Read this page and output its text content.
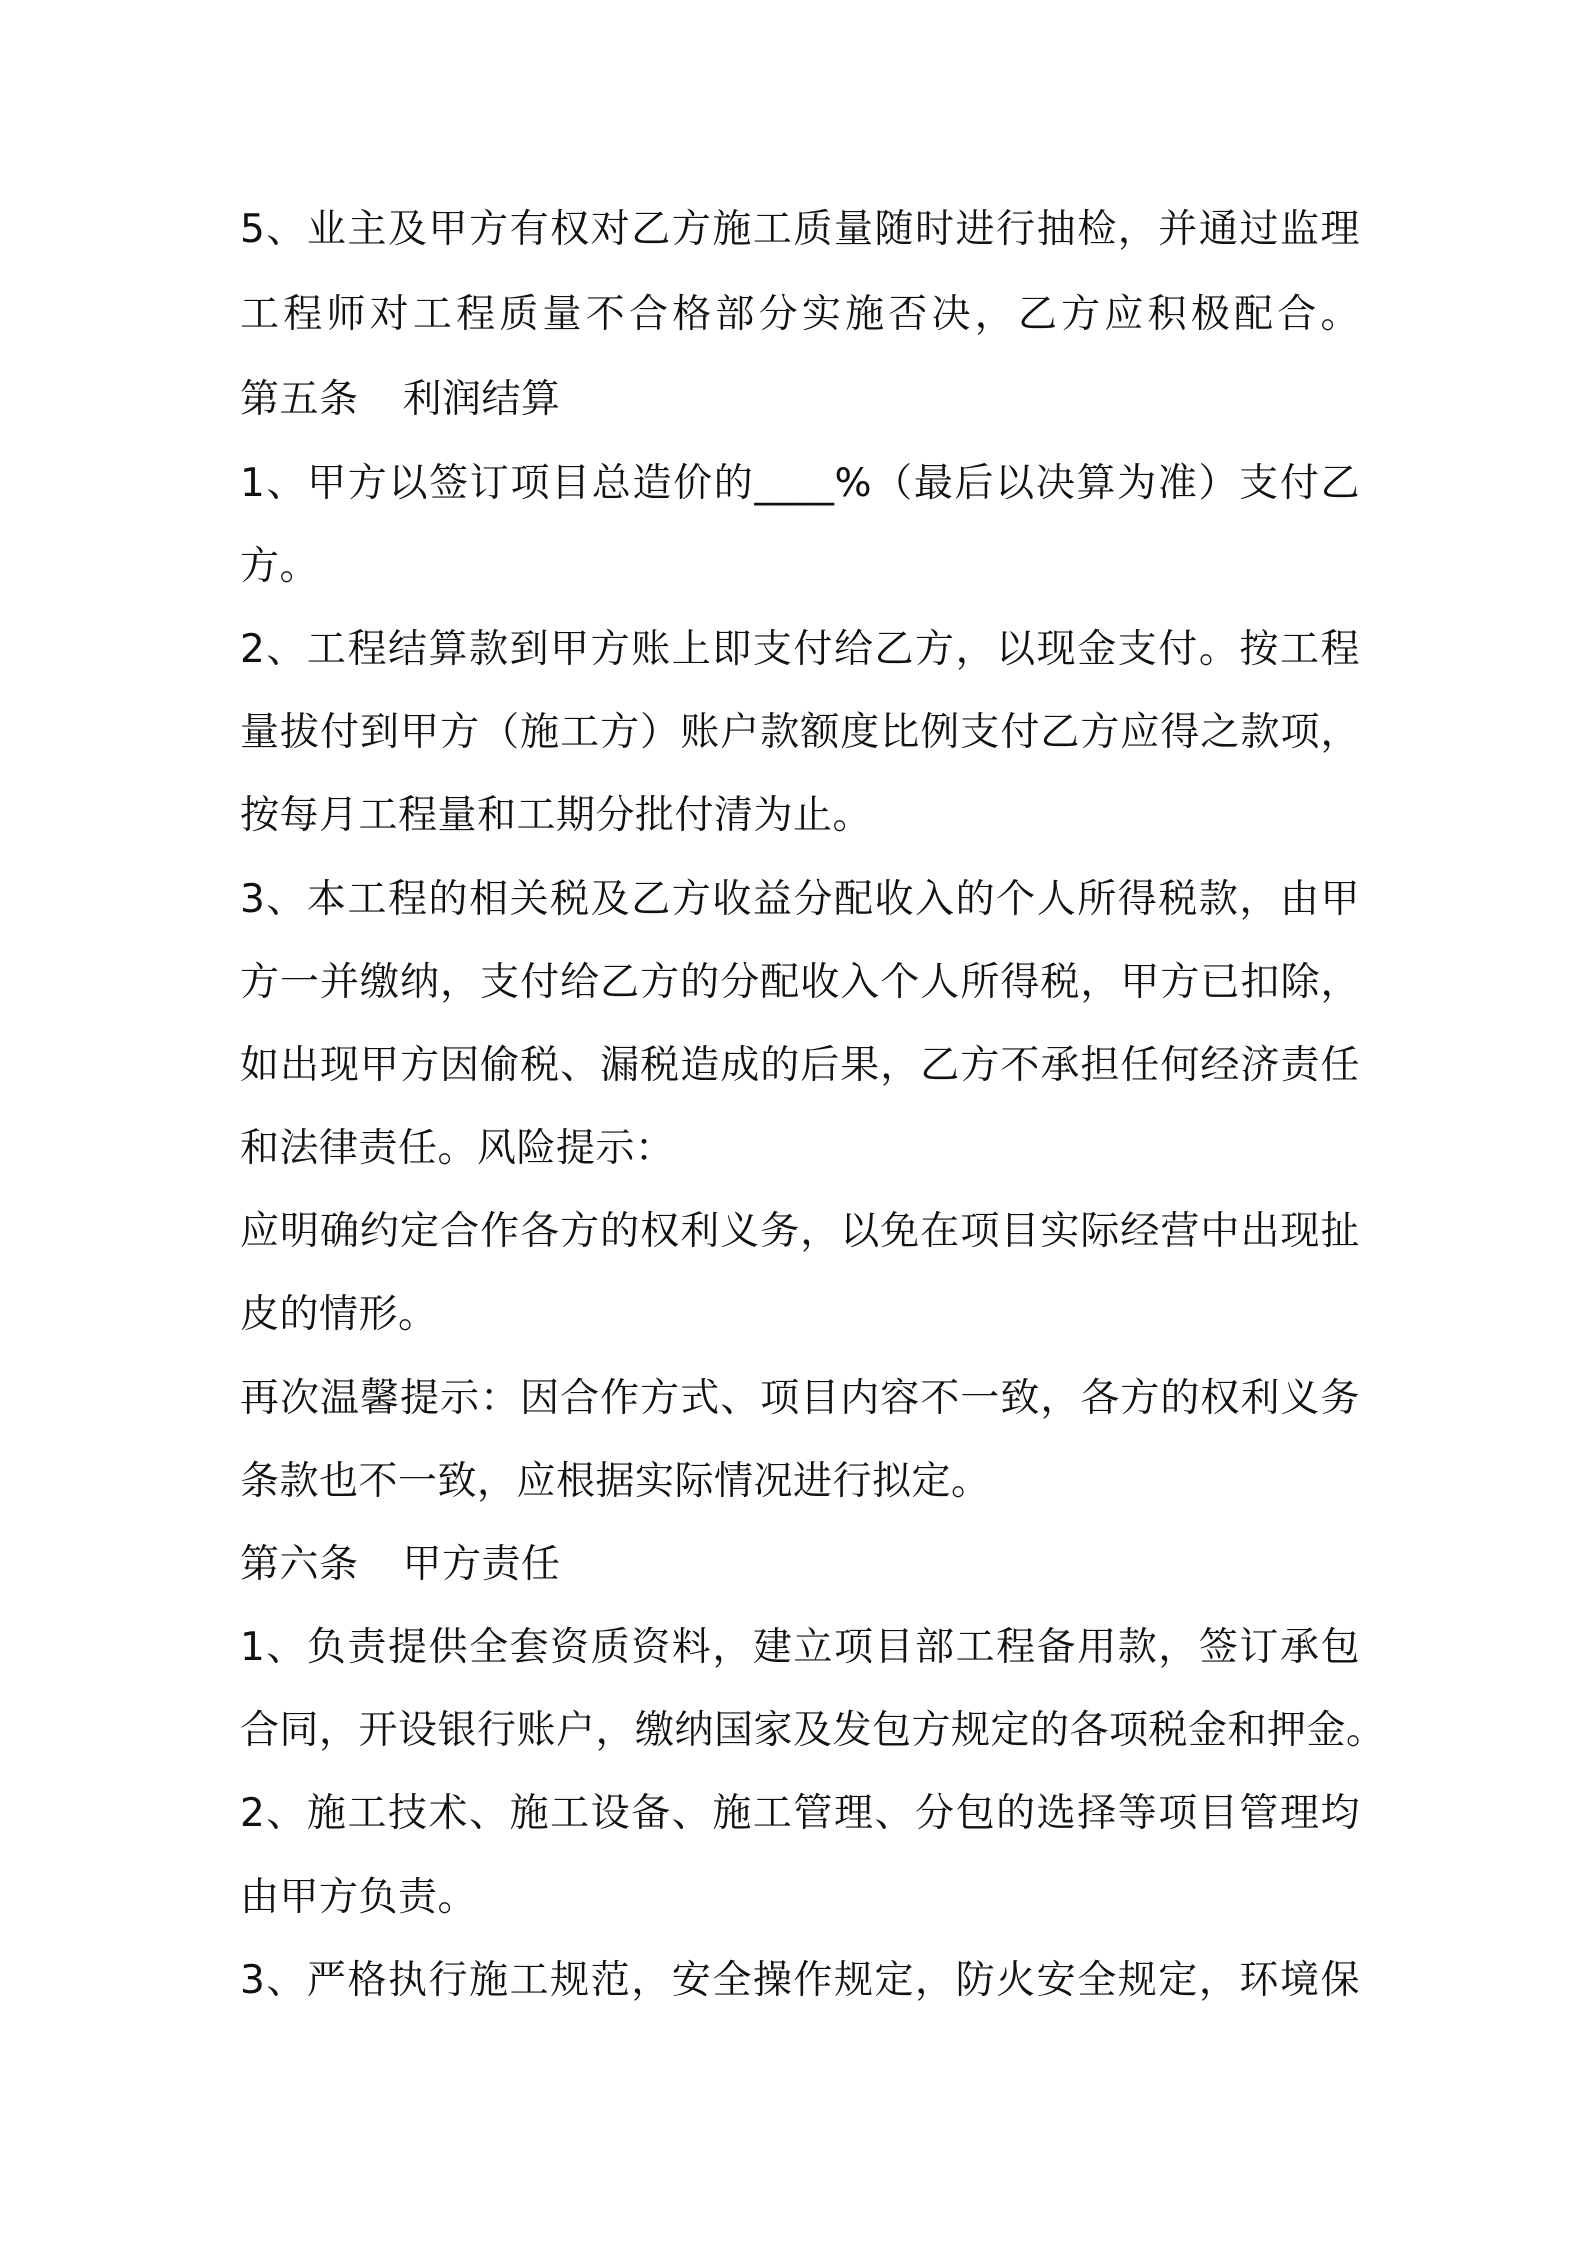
5、业主及甲方有权对乙方施工质量随时进行抽检，并通过监理
工程师对工程质量不合格部分实施否决，乙方应积极配合。
第五条 利润结算
1、甲方以签订项目总造价的____%（最后以决算为准）支付乙
方。
2、工程结算款到甲方账上即支付给乙方，以现金支付。按工程
量拔付到甲方（施工方）账户款额度比例支付乙方应得之款项，
按每月工程量和工期分批付清为止。
3、本工程的相关税及乙方收益分配收入的个人所得税款，由甲
方一并缴纳，支付给乙方的分配收入个人所得税，甲方已扣除，
如出现甲方因偷税、漏税造成的后果，乙方不承担任何经济责任
和法律责任。风险提示：
应明确约定合作各方的权利义务，以免在项目实际经营中出现扯
皮的情形。
再次温馨提示：因合作方式、项目内容不一致，各方的权利义务
条款也不一致，应根据实际情况进行拟定。
第六条 甲方责任
1、负责提供全套资质资料，建立项目部工程备用款，签订承包
合同，开设银行账户，缴纳国家及发包方规定的各项税金和押金。
2、施工技术、施工设备、施工管理、分包的选择等项目管理均
由甲方负责。
3、严格执行施工规范，安全操作规定，防火安全规定，环境保
